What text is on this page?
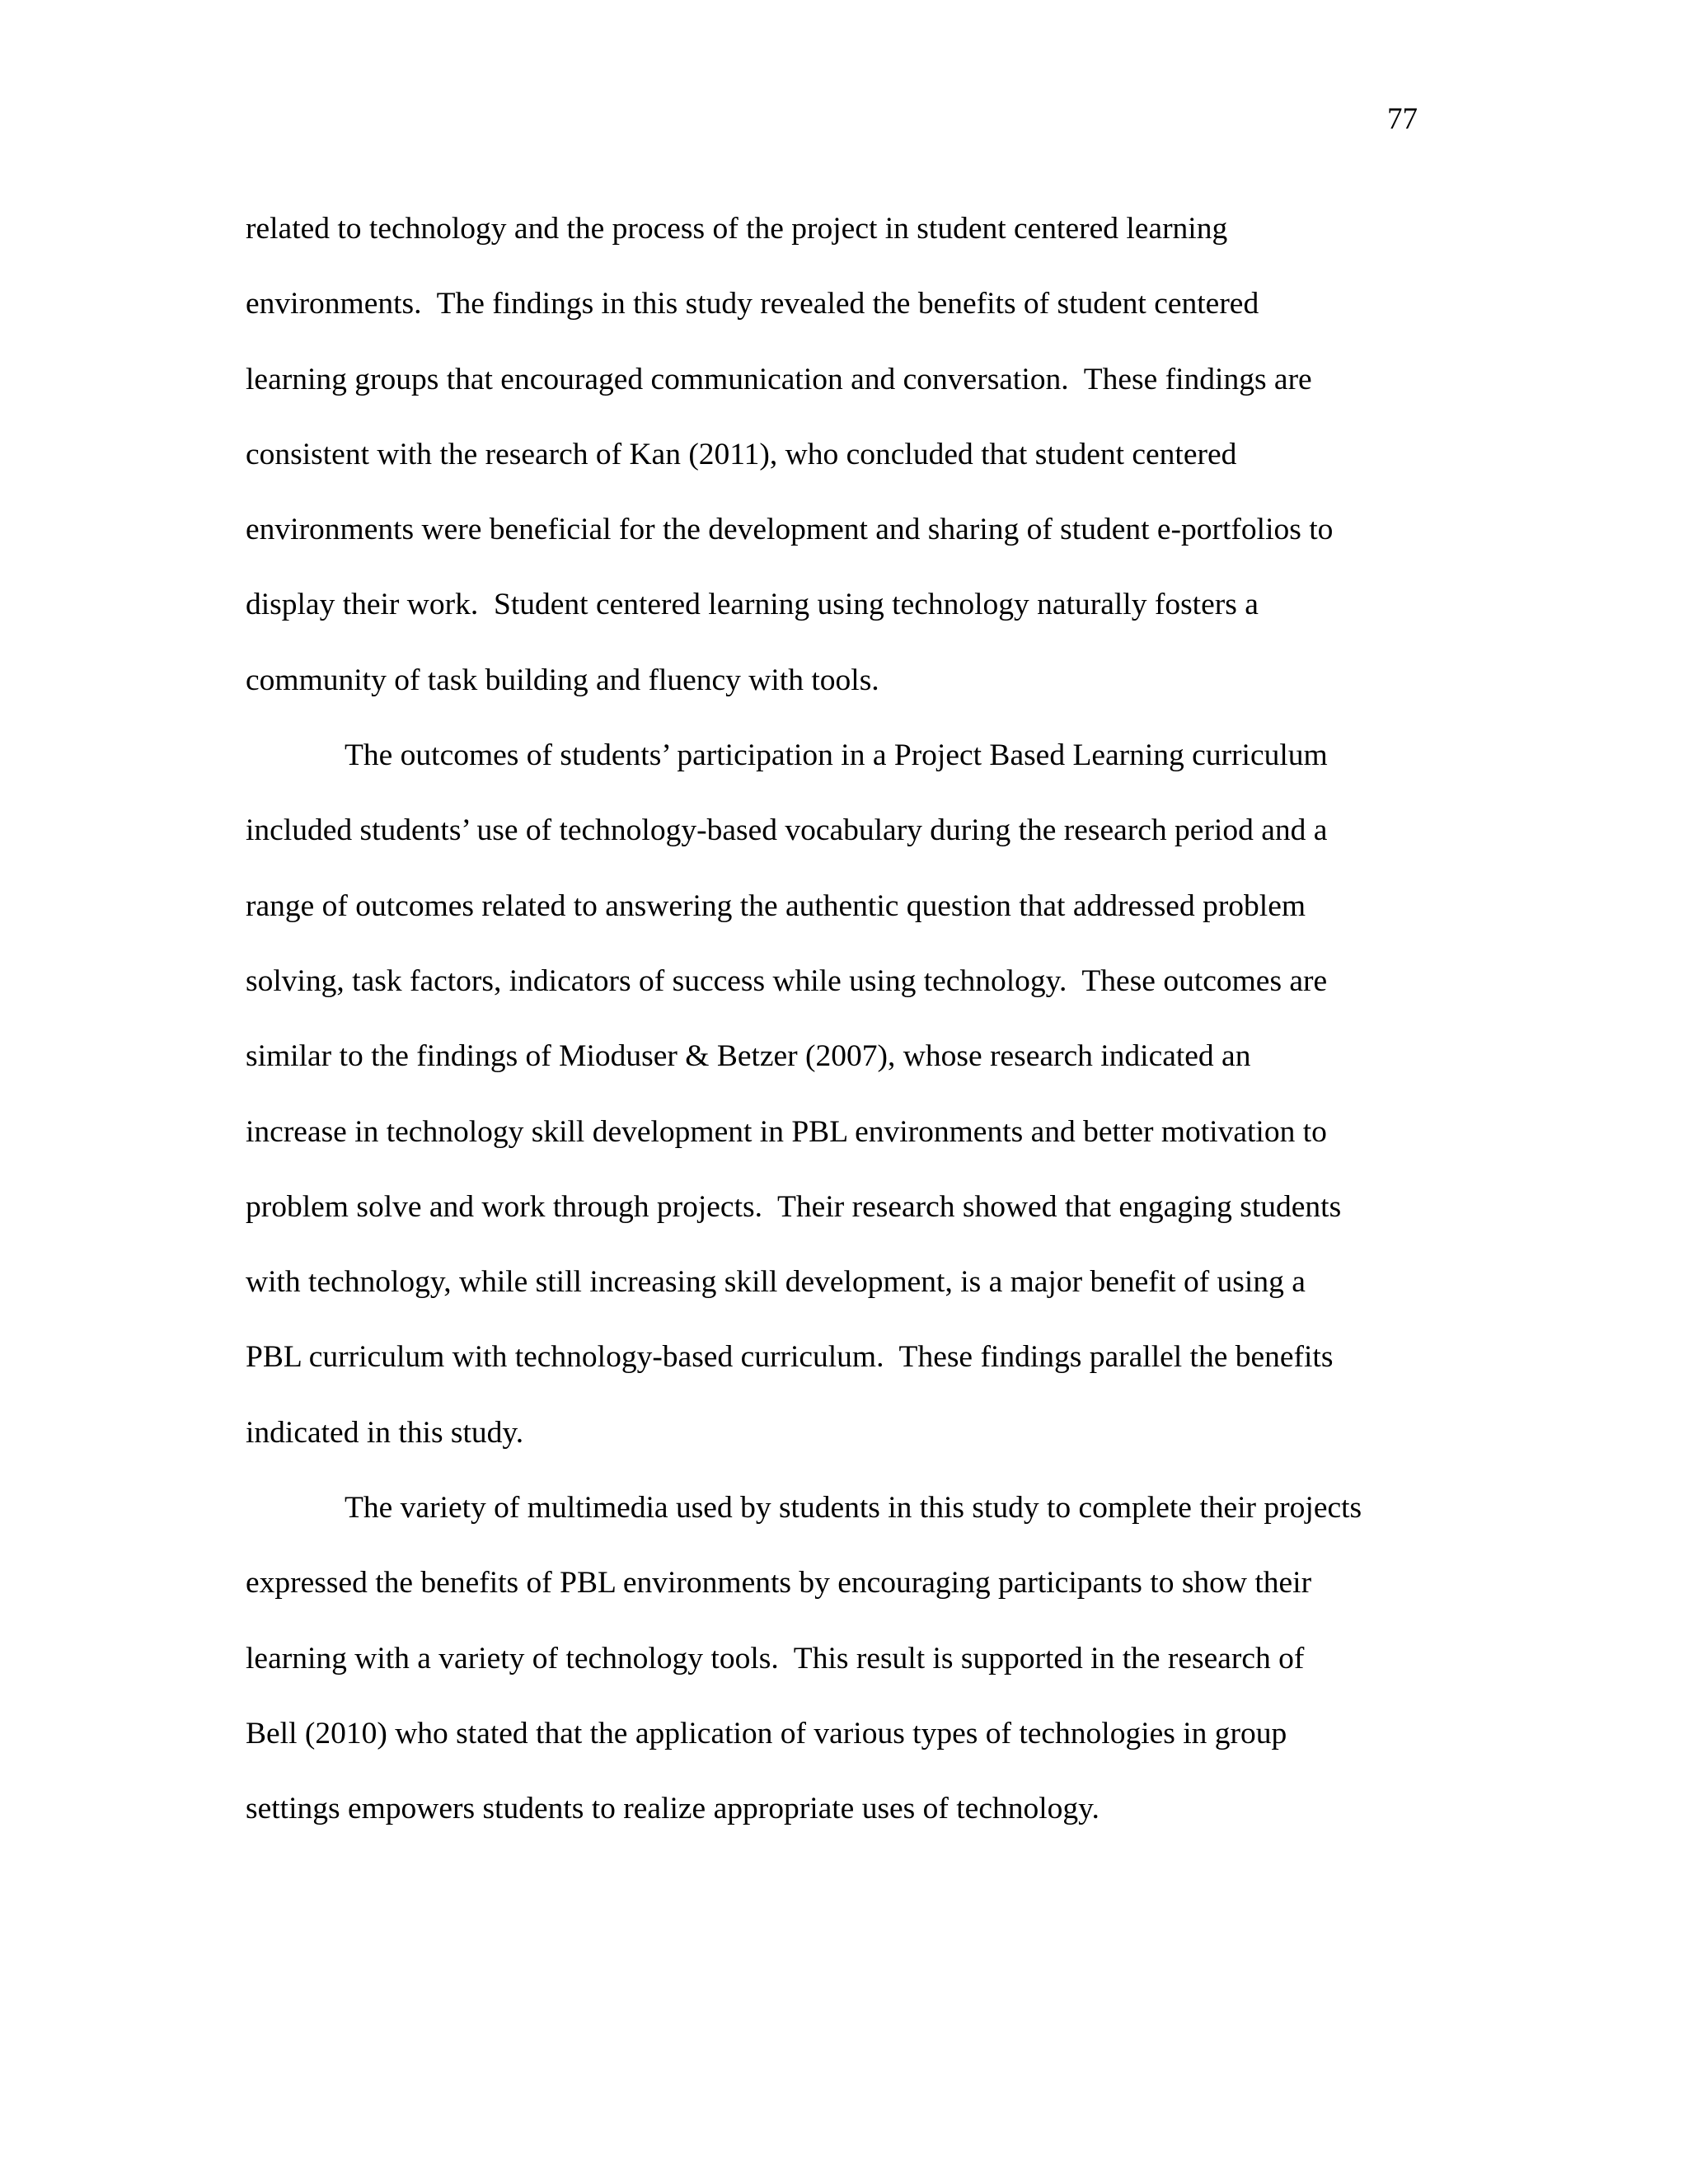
77
related to technology and the process of the project in student centered learning
environments.  The findings in this study revealed the benefits of student centered
learning groups that encouraged communication and conversation.  These findings are
consistent with the research of Kan (2011), who concluded that student centered
environments were beneficial for the development and sharing of student e-portfolios to
display their work.  Student centered learning using technology naturally fosters a
community of task building and fluency with tools.
The outcomes of students’ participation in a Project Based Learning curriculum
included students’ use of technology-based vocabulary during the research period and a
range of outcomes related to answering the authentic question that addressed problem
solving, task factors, indicators of success while using technology.  These outcomes are
similar to the findings of Mioduser & Betzer (2007), whose research indicated an
increase in technology skill development in PBL environments and better motivation to
problem solve and work through projects.  Their research showed that engaging students
with technology, while still increasing skill development, is a major benefit of using a
PBL curriculum with technology-based curriculum.  These findings parallel the benefits
indicated in this study.
The variety of multimedia used by students in this study to complete their projects
expressed the benefits of PBL environments by encouraging participants to show their
learning with a variety of technology tools.  This result is supported in the research of
Bell (2010) who stated that the application of various types of technologies in group
settings empowers students to realize appropriate uses of technology.
